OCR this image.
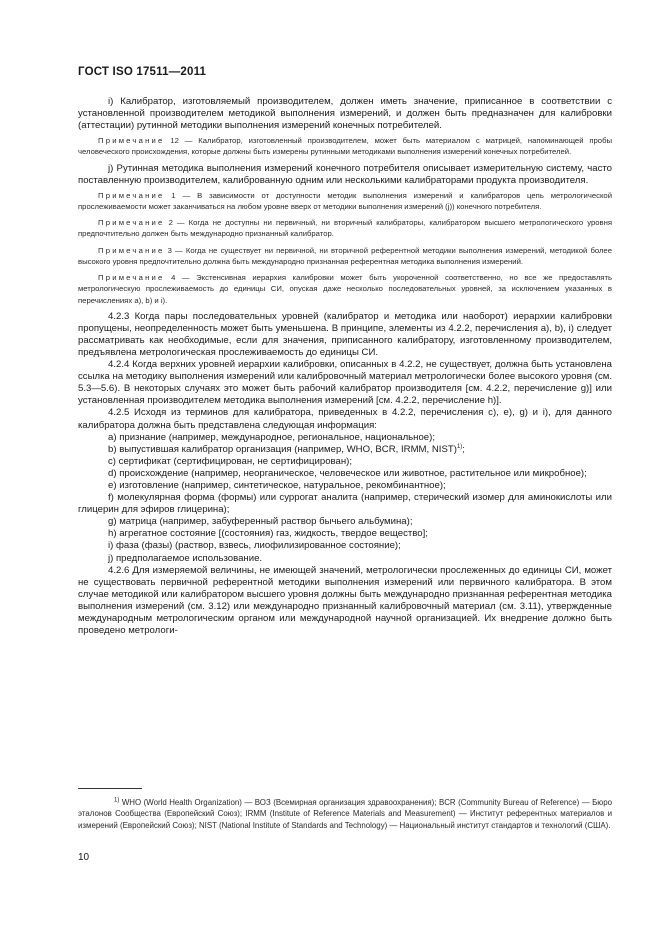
ГОСТ ISO 17511—2011

i) Калибратор, изготовляемый производителем, должен иметь значение, приписанное в соответствии с установленной производителем методикой выполнения измерений, и должен быть предназначен для калибровки (аттестации) рутинной методики выполнения измерений конечных потребителей.

Примечание 12 — Калибратор, изготовленный производителем, может быть материалом с матрицей, напоминающей пробы человеческого происхождения, которые должны быть измерены рутинными методиками выполнения измерений конечных потребителей.

j) Рутинная методика выполнения измерений конечного потребителя описывает измерительную систему, часто поставленную производителем, калиброванную одним или несколькими калибраторами продукта производителя.

Примечание 1 — В зависимости от доступности методик выполнения измерений и калибраторов цепь метрологической прослеживаемости может заканчиваться на любом уровне вверх от методики выполнения измерений (j)) конечного потребителя.

Примечание 2 — Когда не доступны ни первичный, ни вторичный калибраторы, калибратором высшего метрологического уровня предпочтительно должен быть международно признанный калибратор.

Примечание 3 — Когда не существует ни первичной, ни вторичной референтной методики выполнения измерений, методикой более высокого уровня предпочтительно должна быть международно признанная референтная методика выполнения измерений.

Примечание 4 — Экстенсивная иерархия калибровки может быть укороченной соответственно, но все же предоставлять метрологическую прослеживаемость до единицы СИ, опуская даже несколько последовательных уровней, за исключением указанных в перечислениях a), b) и i).

4.2.3 Когда пары последовательных уровней (калибратор и методика или наоборот) иерархии калибровки пропущены, неопределенность может быть уменьшена. В принципе, элементы из 4.2.2, перечисления a), b), i) следует рассматривать как необходимые, если для значения, приписанного калибратору, изготовленному производителем, предъявлена метрологическая прослеживаемость до единицы СИ.

4.2.4 Когда верхних уровней иерархии калибровки, описанных в 4.2.2, не существует, должна быть установлена ссылка на методику выполнения измерений или калибровочный материал метрологически более высокого уровня (см. 5.3—5.6). В некоторых случаях это может быть рабочий калибратор производителя [см. 4.2.2, перечисление g)] или установленная производителем методика выполнения измерений [см. 4.2.2, перечисление h)].

4.2.5 Исходя из терминов для калибратора, приведенных в 4.2.2, перечисления c), e), g) и i), для данного калибратора должна быть представлена следующая информация:

a) признание (например, международное, региональное, национальное);

b) выпустившая калибратор организация (например, WHO, BCR, IRMM, NIST)$^{1)}$;

c) сертификат (сертифицирован, не сертифицирован);

d) происхождение (например, неорганическое, человеческое или животное, растительное или микробное);

e) изготовление (например, синтетическое, натуральное, рекомбинантное);

f) молекулярная форма (формы) или суррогат аналита (например, стерический изомер для аминокислоты или глицерин для эфиров глицерина);

g) матрица (например, забуференный раствор бычьего альбумина);

h) агрегатное состояние [(состояния) газ, жидкость, твердое вещество];

i) фаза (фазы) (раствор, взвесь, лиофилизированное состояние);

j) предполагаемое использование.

4.2.6 Для измеряемой величины, не имеющей значений, метрологически прослеженных до единицы СИ, может не существовать первичной референтной методики выполнения измерений или первичного калибратора. В этом случае методикой или калибратором высшего уровня должны быть международно признанная референтная методика выполнения измерений (см. 3.12) или международно признанный калибровочный материал (см. 3.11), утвержденные международным метрологическим органом или международной научной организацией. Их внедрение должно быть проведено метрологи-

$^{1)}$ WHO (World Health Organization) — ВОЗ (Всемирная организация здравоохранения); BCR (Community Bureau of Reference) — Бюро эталонов Сообщества (Европейский Союз); IRMM (Institute of Reference Materials and Measurement) — Институт референтных материалов и измерений (Европейский Союз); NIST (National Institute of Standards and Technology) — Национальный институт стандартов и технологий (США).

10
